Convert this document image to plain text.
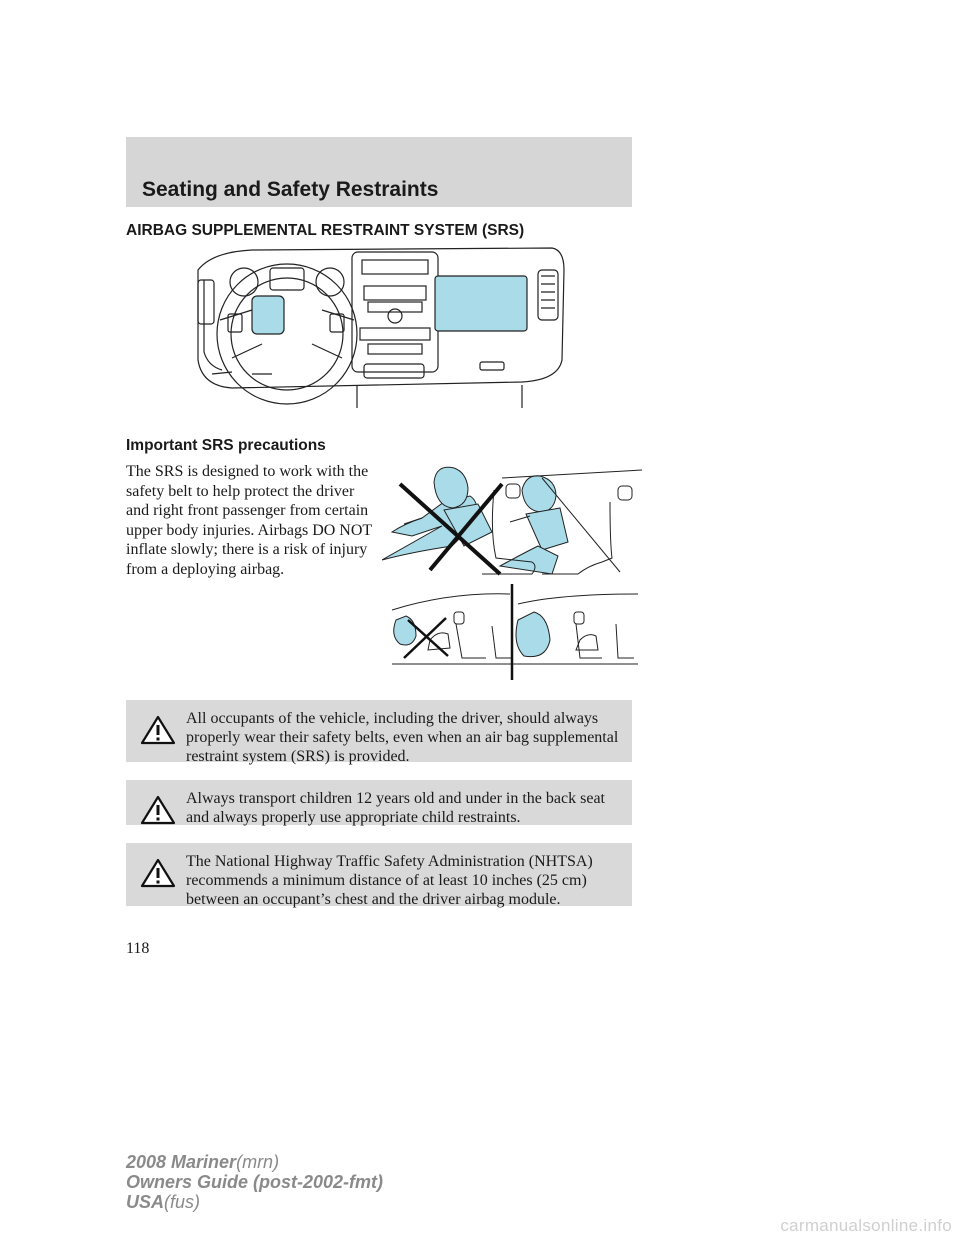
Seating and Safety Restraints
AIRBAG SUPPLEMENTAL RESTRAINT SYSTEM (SRS)
Important SRS precautions
The SRS is designed to work with the safety belt to help protect the driver and right front passenger from certain upper body injuries. Airbags DO NOT inflate slowly; there is a risk of injury from a deploying airbag.
All occupants of the vehicle, including the driver, should always properly wear their safety belts, even when an air bag supplemental restraint system (SRS) is provided.
Always transport children 12 years old and under in the back seat and always properly use appropriate child restraints.
The National Highway Traffic Safety Administration (NHTSA) recommends a minimum distance of at least 10 inches (25 cm) between an occupant’s chest and the driver airbag module.
118
2008 Mariner(mrn)
Owners Guide (post-2002-fmt)
USA(fus)
carmanualsonline.info
